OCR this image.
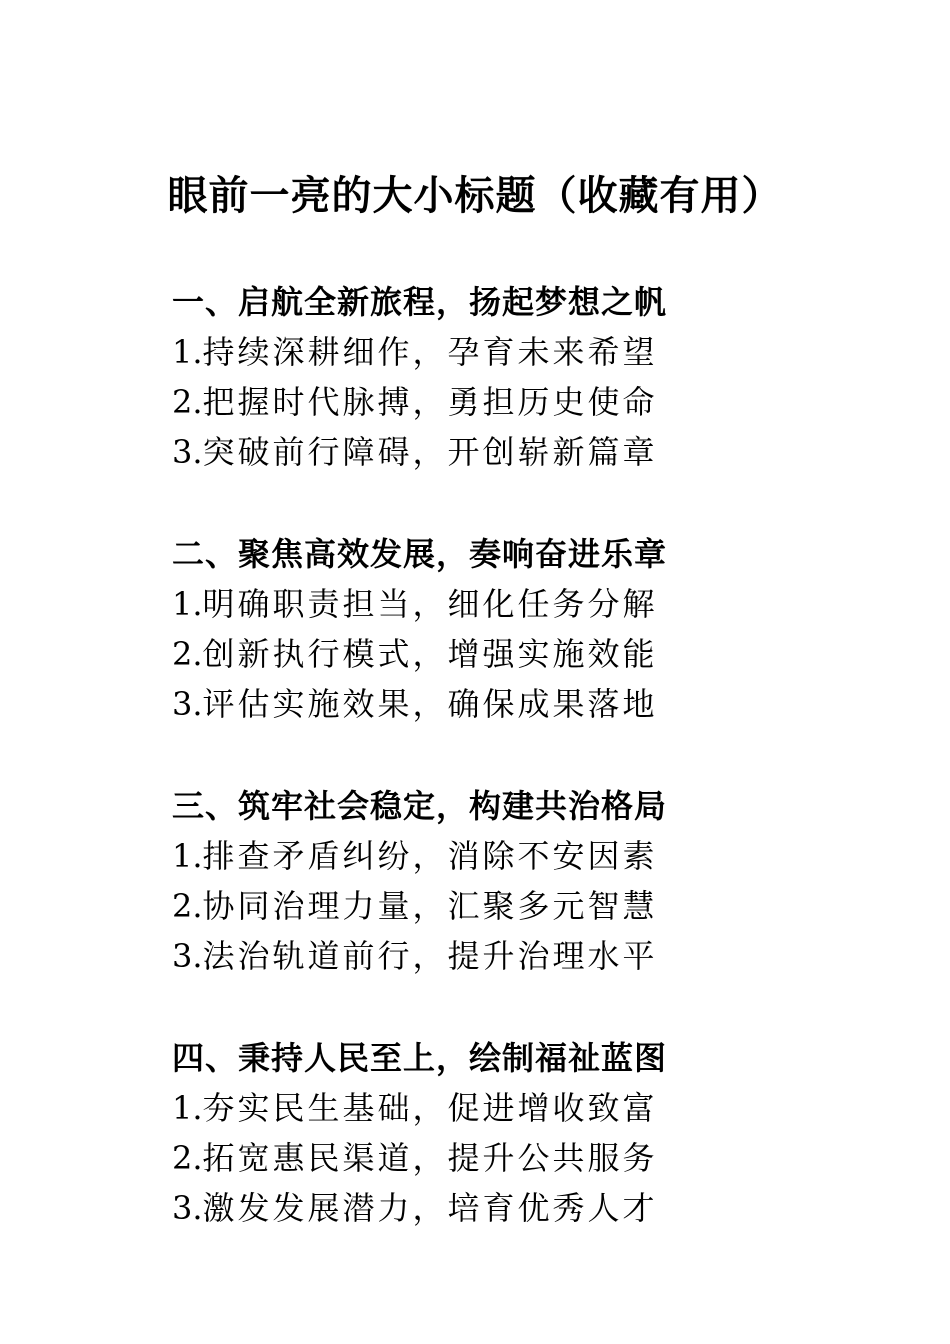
眼前一亮的大小标题（收藏有用）

一、启航全新旅程，扬起梦想之帆

1.持续深耕细作，孕育未来希望

2.把握时代脉搏，勇担历史使命

3.突破前行障碍，开创崭新篇章

二、聚焦高效发展，奏响奋进乐章

1.明确职责担当，细化任务分解

2.创新执行模式，增强实施效能

3.评估实施效果，确保成果落地

三、筑牢社会稳定，构建共治格局

1.排查矛盾纠纷，消除不安因素

2.协同治理力量，汇聚多元智慧

3.法治轨道前行，提升治理水平

四、秉持人民至上，绘制福祉蓝图

1.夯实民生基础，促进增收致富

2.拓宽惠民渠道，提升公共服务

3.激发发展潜力，培育优秀人才
